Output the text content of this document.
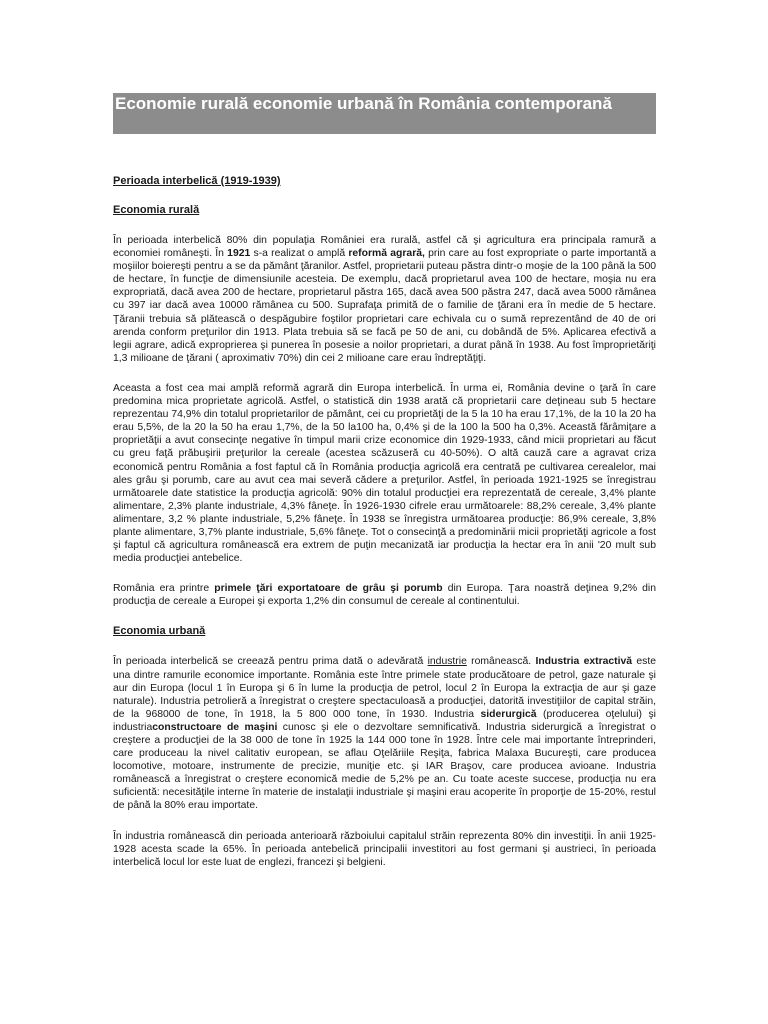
Economie rurală economie urbană în România contemporană
Perioada interbelică (1919-1939)
Economia rurală

În perioada interbelică 80% din populaţia României era rurală, astfel că şi agricultura era principala ramură a economiei româneşti. În 1921 s-a realizat o amplă reformă agrară, prin care au fost expropriate o parte importantă a moşiilor boiereşti pentru a se da pământ ţăranilor. Astfel, proprietarii puteau păstra dintr-o moşie de la 100 până la 500 de hectare, în funcţie de dimensiunile acesteia. De exemplu, dacă proprietarul avea 100 de hectare, moşia nu era expropriată, dacă avea 200 de hectare, proprietarul păstra 165, dacă avea 500 păstra 247, dacă avea 5000 rămânea cu 397 iar dacă avea 10000 rămânea cu 500. Suprafaţa primită de o familie de ţărani era în medie de 5 hectare. Ţăranii trebuia să plătească o despăgubire foştilor proprietari care echivala cu o sumă reprezentând de 40 de ori arenda conform preţurilor din 1913. Plata trebuia să se facă pe 50 de ani, cu dobândă de 5%. Aplicarea efectivă a legii agrare, adică exproprierea şi punerea în posesie a noilor proprietari, a durat până în 1938. Au fost împroprietăriţi 1,3 milioane de ţărani ( aproximativ 70%) din cei 2 milioane care erau îndreptăţiţi.

Aceasta a fost cea mai amplă reformă agrară din Europa interbelică. În urma ei, România devine o ţară în care predomina mica proprietate agricolă. Astfel, o statistică din 1938 arată că proprietarii care deţineau sub 5 hectare reprezentau 74,9% din totalul proprietarilor de pământ, cei cu proprietăţi de la 5 la 10 ha erau 17,1%, de la 10 la 20 ha erau 5,5%, de la 20 la 50 ha erau 1,7%, de la 50 la100 ha, 0,4% şi de la 100 la 500 ha 0,3%. Această fărâmiţare a proprietăţii a avut consecinţe negative în timpul marii crize economice din 1929-1933, când micii proprietari au făcut cu greu faţă prăbuşirii preţurilor la cereale (acestea scăzuseră cu 40-50%). O altă cauză care a agravat criza economică pentru România a fost faptul că în România producţia agricolă era centrată pe cultivarea cerealelor, mai ales grâu şi porumb, care au avut cea mai severă cădere a preţurilor. Astfel, în perioada 1921-1925 se înregistrau următoarele date statistice la producţia agricolă: 90% din totalul producţiei era reprezentată de cereale, 3,4% plante alimentare, 2,3% plante industriale, 4,3% fâneţe. În 1926-1930 cifrele erau următoarele: 88,2% cereale, 3,4% plante alimentare, 3,2 % plante industriale, 5,2% fâneţe. În 1938 se înregistra următoarea producţie: 86,9% cereale, 3,8% plante alimentare, 3,7% plante industriale, 5,6% fâneţe. Tot o consecinţă a predominării micii proprietăţi agricole a fost şi faptul că agricultura românească era extrem de puţin mecanizată iar producţia la hectar era în anii '20 mult sub media producţiei antebelice.

România era printre primele ţări exportatoare de grâu şi porumb din Europa. Ţara noastră deţinea 9,2% din producţia de cereale a Europei şi exporta 1,2% din consumul de cereale al continentului.

Economia urbană

În perioada interbelică se creează pentru prima dată o adevărată industrie românească. Industria extractivă este una dintre ramurile economice importante. România este între primele state producătoare de petrol, gaze naturale şi aur din Europa (locul 1 în Europa şi 6 în lume la producţia de petrol, locul 2 în Europa la extracţia de aur şi gaze naturale). Industria petrolieră a înregistrat o creştere spectaculoasă a producţiei, datorită investiţiilor de capital străin, de la 968000 de tone, în 1918, la 5 800 000 tone, în 1930. Industria siderurgică (producerea oţelului) şi industriaconstructoare de maşini cunosc şi ele o dezvoltare semnificativă. Industria siderurgică a înregistrat o creştere a producţiei de la 38 000 de tone în 1925 la 144 000 tone în 1928. Între cele mai importante întreprinderi, care produceau la nivel calitativ european, se aflau Oţelăriile Reşiţa, fabrica Malaxa Bucureşti, care producea locomotive, motoare, instrumente de precizie, muniţie etc. şi IAR Braşov, care producea avioane. Industria românească a înregistrat o creştere economică medie de 5,2% pe an. Cu toate aceste succese, producţia nu era suficientă: necesităţile interne în materie de instalaţii industriale şi maşini erau acoperite în proporţie de 15-20%, restul de până la 80% erau importate.

În industria românească din perioada anterioară războiului capitalul străin reprezenta 80% din investiţii. În anii 1925-1928 acesta scade la 65%. În perioada antebelică principalii investitori au fost germani şi austrieci, în perioada interbelică locul lor este luat de englezi, francezi şi belgieni.
